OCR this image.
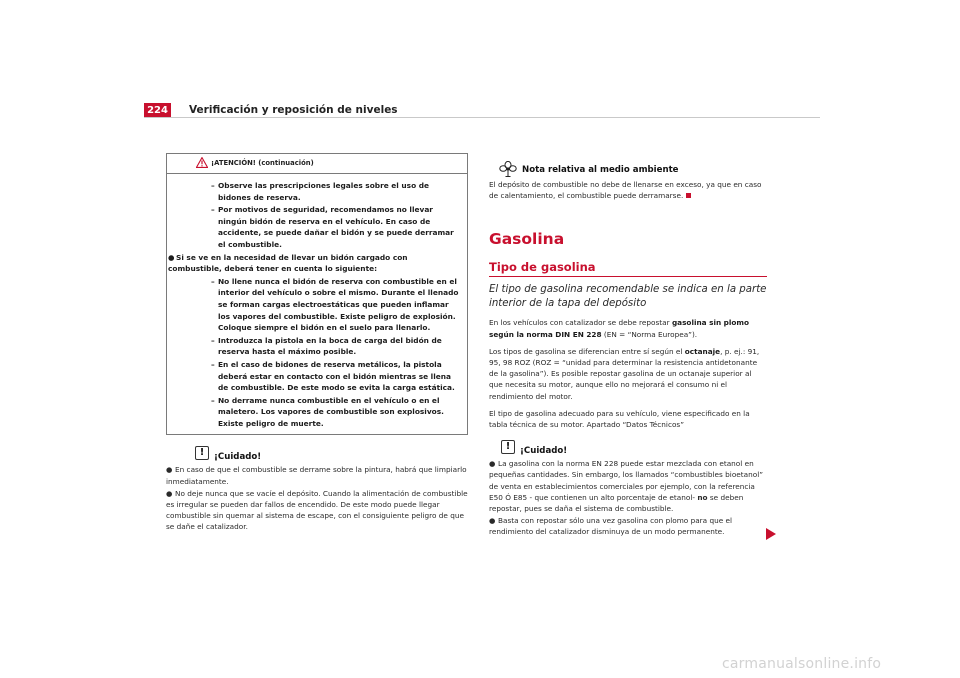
224 Verificación y reposición de niveles
¡ATENCIÓN! (continuación)
– Observe las prescripciones legales sobre el uso de bidones de reserva.
– Por motivos de seguridad, recomendamos no llevar ningún bidón de reserva en el vehículo. En caso de accidente, se puede dañar el bidón y se puede derramar el combustible.
● Si se ve en la necesidad de llevar un bidón cargado con combustible, deberá tener en cuenta lo siguiente:
– No llene nunca el bidón de reserva con combustible en el interior del vehículo o sobre el mismo. Durante el llenado se forman cargas electroestáticas que pueden inflamar los vapores del combustible. Existe peligro de explosión. Coloque siempre el bidón en el suelo para llenarlo.
– Introduzca la pistola en la boca de carga del bidón de reserva hasta el máximo posible.
– En el caso de bidones de reserva metálicos, la pistola deberá estar en contacto con el bidón mientras se llena de combustible. De este modo se evita la carga estática.
– No derrame nunca combustible en el vehículo o en el maletero. Los vapores de combustible son explosivos. Existe peligro de muerte.
!	¡Cuidado!
● En caso de que el combustible se derrame sobre la pintura, habrá que limpiarlo inmediatamente.
● No deje nunca que se vacíe el depósito. Cuando la alimentación de combustible es irregular se pueden dar fallos de encendido. De este modo puede llegar combustible sin quemar al sistema de escape, con el consiguiente peligro de que se dañe el catalizador.
Nota relativa al medio ambiente
El depósito de combustible no debe de llenarse en exceso, ya que en caso de calentamiento, el combustible puede derramarse.
Gasolina
Tipo de gasolina
El tipo de gasolina recomendable se indica en la parte interior de la tapa del depósito
En los vehículos con catalizador se debe repostar gasolina sin plomo según la norma DIN EN 228 (EN = “Norma Europea”).
Los tipos de gasolina se diferencian entre sí según el octanaje, p. ej.: 91, 95, 98 ROZ (ROZ = “unidad para determinar la resistencia antidetonante de la gasolina”). Es posible repostar gasolina de un octanaje superior al que necesita su motor, aunque ello no mejorará el consumo ni el rendimiento del motor.
El tipo de gasolina adecuado para su vehículo, viene especificado en la tabla técnica de su motor. Apartado “Datos Técnicos”
!	¡Cuidado!
● La gasolina con la norma EN 228 puede estar mezclada con etanol en pequeñas cantidades. Sin embargo, los llamados “combustibles bioetanol” de venta en establecimientos comerciales por ejemplo, con la referencia E50 Ó E85 - que contienen un alto porcentaje de etanol- no se deben repostar, pues se daña el sistema de combustible.
● Basta con repostar sólo una vez gasolina con plomo para que el rendimiento del catalizador disminuya de un modo permanente.
carmanualsonline.info
